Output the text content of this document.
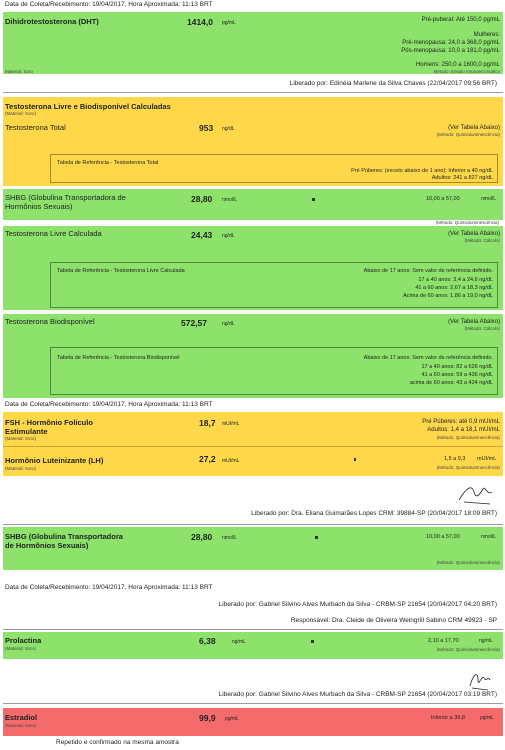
Data de Coleta/Recebimento: 19/04/2017, Hora Aproximada: 11:13 BRT
Dihidrotestosterona (DHT)	1414,0 pg/mL
Material: Soro
Pré-puberal: Até 150,0 pg/mL
Mulheres:
Pré-menopausa: 24,0 a 368,0 pg/mL
Pós-menopausa: 10,0 a 181,0 pg/mL
Homens: 250,0 a 1600,0 pg/mL
Método: Ensaio Imunoenzimático
Liberado por: Edinéia Marlene da Silva Chaves (22/04/2017 09:56 BRT)
Testosterona Livre e Biodisponível Calculadas
(Material: Soro)
Testosterona Total	953 ng/dL	(Ver Tabela Abaixo)
(Método: Quimioluminescência)
Tabela de Referência - Testosterona Total
Pré Púberes: (exceto abaixo de 1 ano): Inferior a 40 ng/dL
Adultos: 241 a 827 ng/dL
SHBG (Globulina Transportadora de Hormônios Sexuais)
28,80 nmol/L	10,00 a 57,00	nmol/L
(Método: Quimioluminescência)
Testosterona Livre Calculada	24,43 ng/dL	(Ver Tabela Abaixo)
(Método: Cálculo)
Tabela de Referência - Testosterona Livre Calculada	Abaixo de 17 anos: Sem valor de referência definido.
17 a 40 anos: 3,4 a 24,6 ng/dL
41 a 60 anos: 2,67 a 18,3 ng/dL
Acima de 60 anos: 1,86 a 19,0 ng/dL
Testosterona Biodisponível	572,57	ng/dL	(Ver Tabela Abaixo)
(Método: Cálculo)
Tabela de Referência - Testosterona Biodisponível	Abaixo de 17 anos: Sem valor de referência definido.
17 a 40 anos: 82 a 626 ng/dL
41 a 60 anos: 59 a 436 ng/dL
acima de 60 anos: 43 a 424 ng/dL
Data de Coleta/Recebimento: 19/04/2017, Hora Aproximada: 11:13 BRT
FSH - Hormônio Folículo Estimulante
(Material: Soro)
18,7 mUI/mL	Pré Púberes: até 0,9 mUI/mL
Adultos: 1,4 a 18,1 mUI/mL
(Método: Quimioluminescência)
Hormônio Luteinizante (LH)
(Material: Soro)
27,2 mUI/mL	1,5 a 9,3 mUI/mL
(Método: Quimioluminescência)
Liberado por: Dra. Eliana Guimarães Lopes CRM: 39884-SP (20/04/2017 18:09 BRT)
SHBG (Globulina Transportadora de Hormônios Sexuais)
28,80 nmol/L	10,00 a 57,00	nmol/L
(Método: Quimioluminescência)
Data de Coleta/Recebimento: 19/04/2017, Hora Aproximada: 11:13 BRT
Liberado por: Gabriel Silvino Alves Murbach da Silva - CRBM-SP 21654 (20/04/2017 04:20 BRT)
Responsável: Dra. Cleide de Oliveira Weingrill Sabino CRM 49923 - SP
Prolactina
(Material: Soro)
6,38	ng/mL	2,10 a 17,70	ng/mL
(Método: Quimioluminescência)
Liberado por: Gabriel Silvino Alves Murbach da Silva - CRBM-SP 21654 (20/04/2017 03:19 BRT)
Estradiol
(Material: Soro)
99,9 pg/mL	Inferior a 39,8	pg/mL
Repetido e confirmado na mesma amostra
